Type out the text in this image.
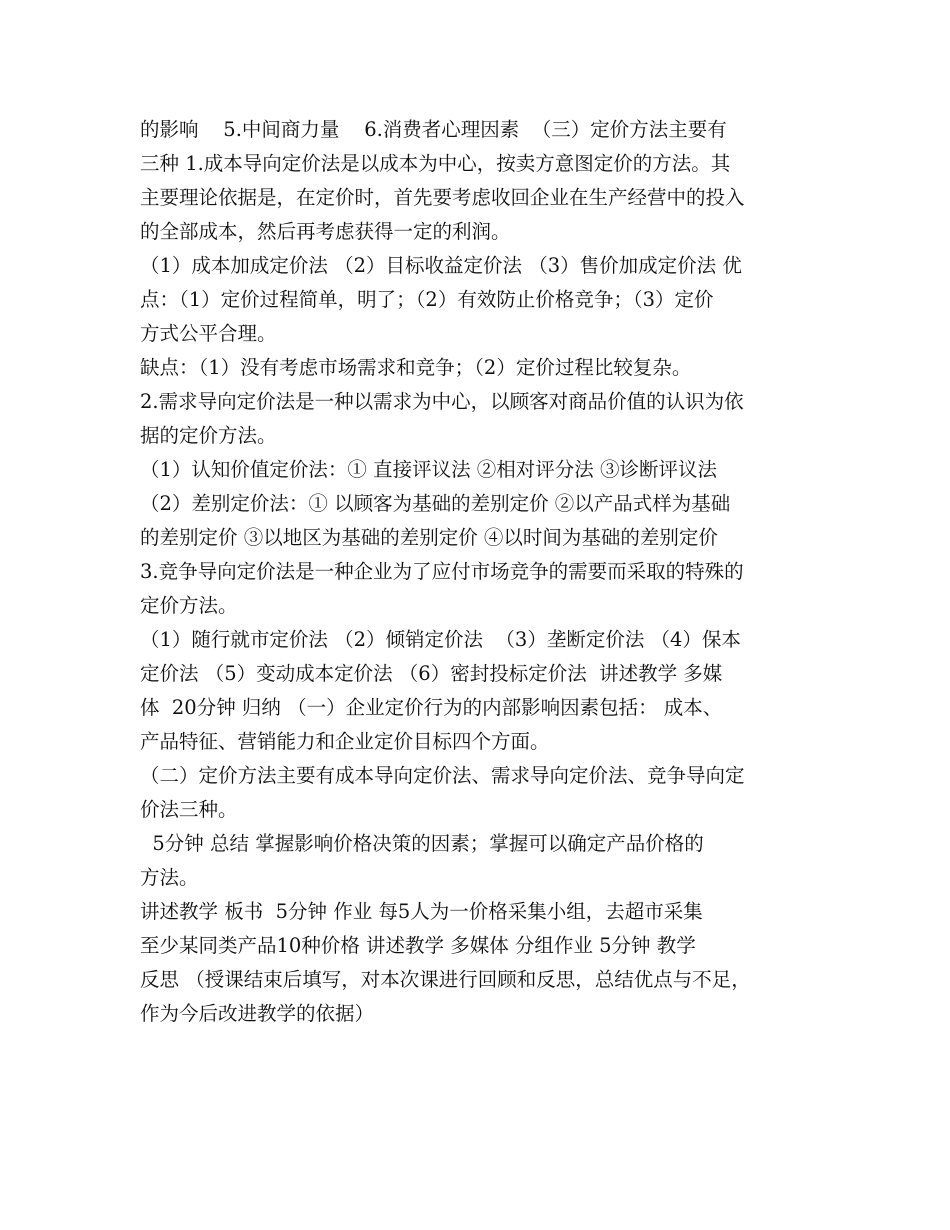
的影响    5.中间商力量    6.消费者心理因素  （三）定价方法主要有
三种 1.成本导向定价法是以成本为中心，按卖方意图定价的方法。其
主要理论依据是，在定价时，首先要考虑收回企业在生产经营中的投入
的全部成本，然后再考虑获得一定的利润。
（1）成本加成定价法 （2）目标收益定价法 （3）售价加成定价法 优
点：（1）定价过程简单，明了；（2）有效防止价格竞争；（3）定价
方式公平合理。
缺点：（1）没有考虑市场需求和竞争；（2）定价过程比较复杂。
2.需求导向定价法是一种以需求为中心，以顾客对商品价值的认识为依
据的定价方法。
（1）认知价值定价法：① 直接评议法 ②相对评分法 ③诊断评议法
（2）差别定价法：① 以顾客为基础的差别定价 ②以产品式样为基础
的差别定价 ③以地区为基础的差别定价 ④以时间为基础的差别定价
3.竞争导向定价法是一种企业为了应付市场竞争的需要而采取的特殊的
定价方法。
（1）随行就市定价法 （2）倾销定价法  （3）垄断定价法 （4）保本
定价法 （5）变动成本定价法 （6）密封投标定价法  讲述教学 多媒
体  20分钟 归纳 （一）企业定价行为的内部影响因素包括： 成本、
产品特征、营销能力和企业定价目标四个方面。
（二）定价方法主要有成本导向定价法、需求导向定价法、竞争导向定
价法三种。
5分钟 总结 掌握影响价格决策的因素；掌握可以确定产品价格的
方法。
讲述教学 板书  5分钟 作业 每5人为一价格采集小组，去超市采集
至少某同类产品10种价格 讲述教学 多媒体 分组作业 5分钟 教学
反思 （授课结束后填写，对本次课进行回顾和反思，总结优点与不足，
作为今后改进教学的依据）
